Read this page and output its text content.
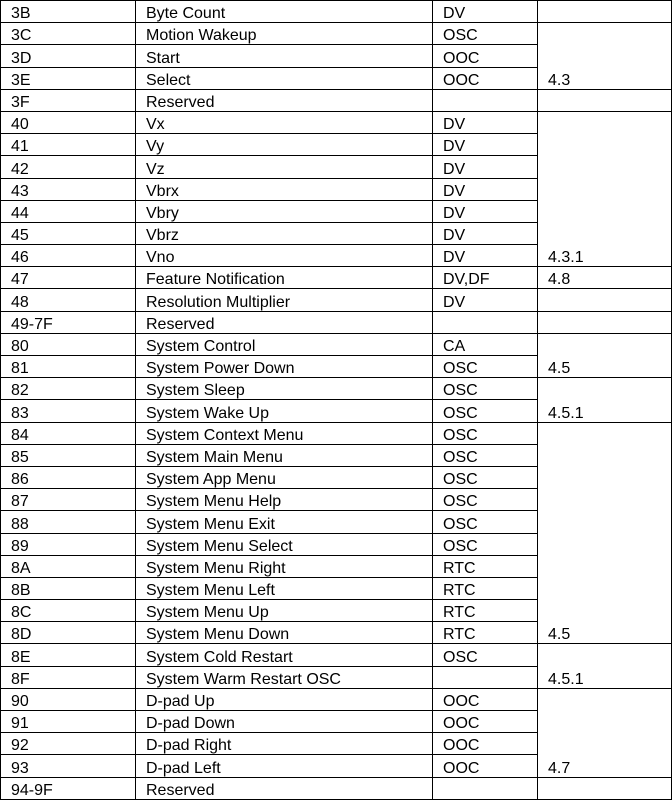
3B	Byte Count	DV	
3C	Motion Wakeup	OSC	4.3
3D	Start	OOC	
3E	Select	OOC	
3F	Reserved		
40	Vx	DV	4.3.1
41	Vy	DV	
42	Vz	DV	
43	Vbrx	DV	
44	Vbry	DV	
45	Vbrz	DV	
46	Vno	DV	
47	Feature Notification	DV,DF	4.8
48	Resolution Multiplier	DV	
49-7F	Reserved		
80	System Control	CA	4.5
81	System Power Down	OSC	
82	System Sleep	OSC	4.5.1
83	System Wake Up	OSC	
84	System Context Menu	OSC	4.5
85	System Main Menu	OSC	
86	System App Menu	OSC	
87	System Menu Help	OSC	
88	System Menu Exit	OSC	
89	System Menu Select	OSC	
8A	System Menu Right	RTC	
8B	System Menu Left	RTC	
8C	System Menu Up	RTC	
8D	System Menu Down	RTC	
8E	System Cold Restart	OSC	4.5.1
8F	System Warm Restart OSC		
90	D-pad Up	OOC	4.7
91	D-pad Down	OOC	
92	D-pad Right	OOC	
93	D-pad Left	OOC	
94-9F	Reserved		
